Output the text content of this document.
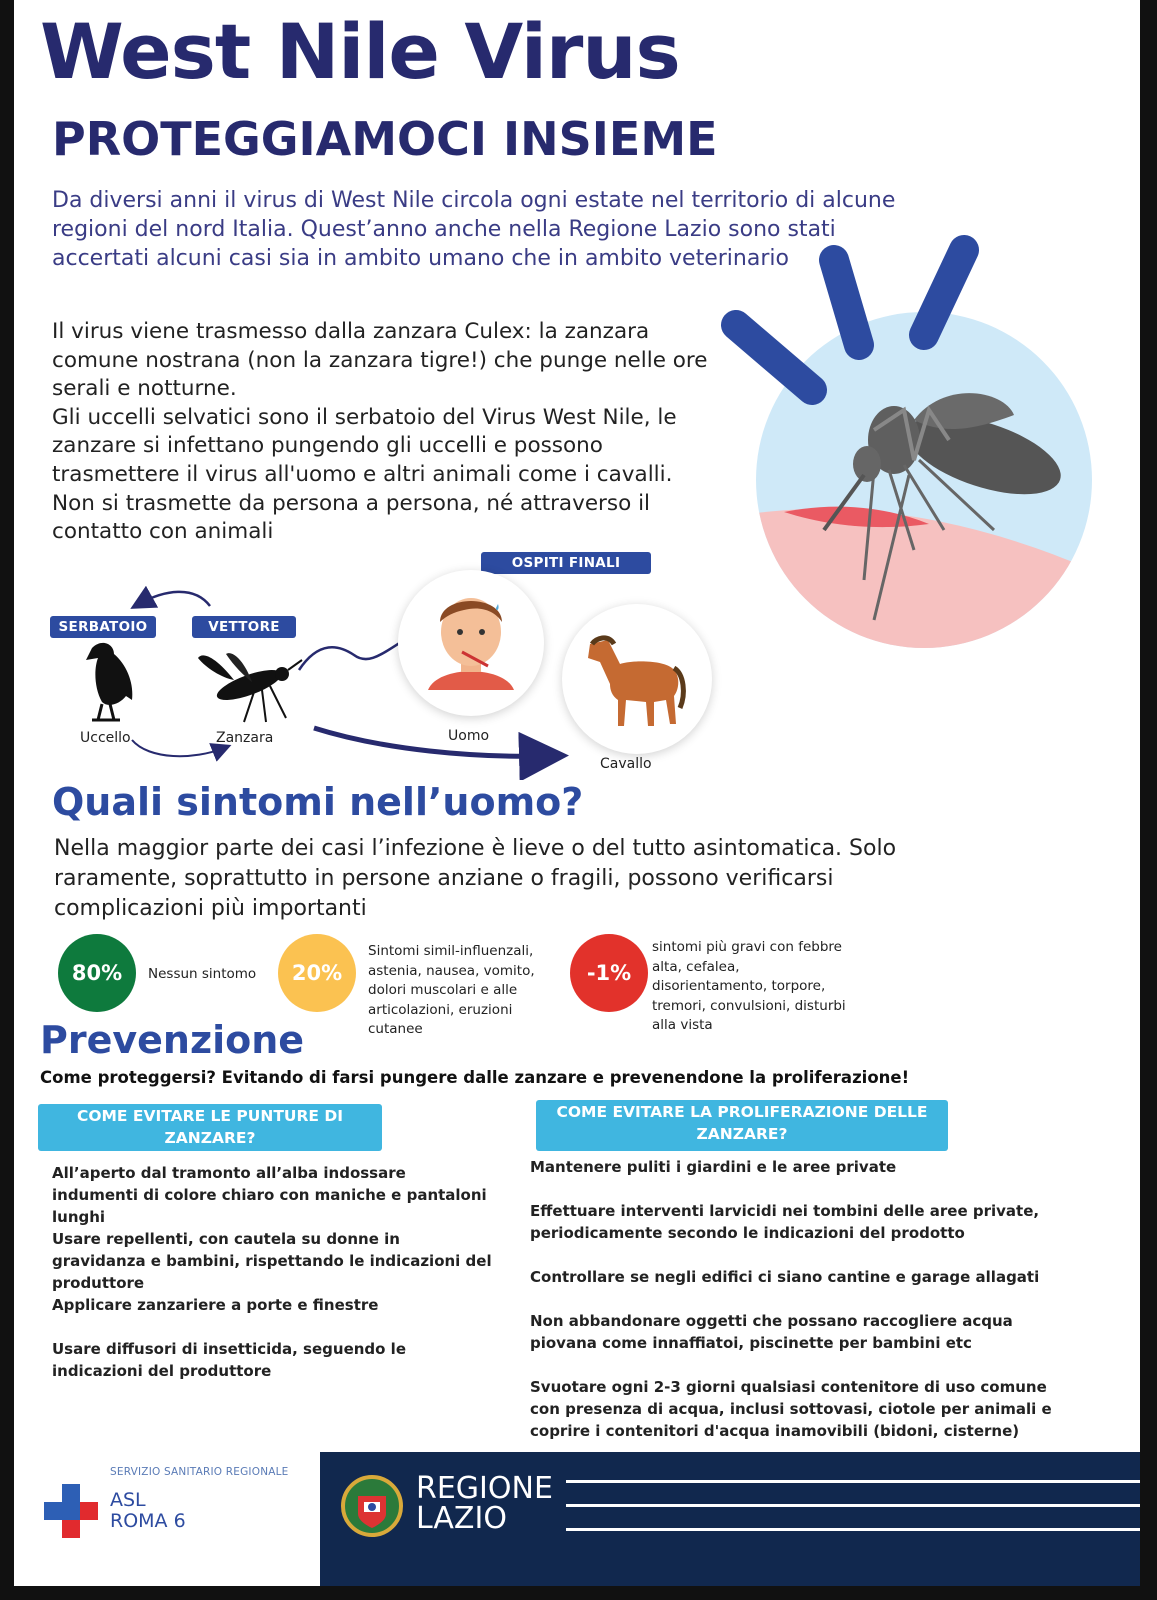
West Nile Virus
PROTEGGIAMOCI INSIEME
Da diversi anni il virus di West Nile circola ogni estate nel territorio di alcune regioni del nord Italia. Quest’anno anche nella Regione Lazio sono stati accertati alcuni casi sia in ambito umano che in ambito veterinario

Il virus viene trasmesso dalla zanzara Culex: la zanzara comune nostrana (non la zanzara tigre!) che punge nelle ore serali e notturne.

Gli uccelli selvatici sono il serbatoio del Virus West Nile, le zanzare si infettano pungendo gli uccelli e possono trasmettere il virus all'uomo e altri animali come i cavalli.

Non si trasmette da persona a persona, né attraverso il contatto con animali

OSPITI FINALI
SERBATOIO	VETTORE
Uccello	Zanzara	Uomo
Cavallo
Quali sintomi nell’uomo?
Nella maggior parte dei casi l’infezione è lieve o del tutto asintomatica. Solo raramente, soprattutto in persone anziane o fragili, possono verificarsi complicazioni più importanti
80%	Nessun sintomo	20%
Sintomi simil-influenzali, astenia, nausea, vomito, dolori muscolari e alle articolazioni, eruzioni cutanee
-1%
sintomi più gravi con febbre alta, cefalea, disorientamento, torpore, tremori, convulsioni, disturbi alla vista
Prevenzione
Come proteggersi? Evitando di farsi pungere dalle zanzare e prevenendone la proliferazione!
COME EVITARE LE PUNTURE DI ZANZARE?
COME EVITARE LA PROLIFERAZIONE DELLE ZANZARE?
All’aperto dal tramonto all’alba indossare indumenti di colore chiaro con maniche e pantaloni lunghi
Usare repellenti, con cautela su donne in gravidanza e bambini, rispettando le indicazioni del produttore
Applicare zanzariere a porte e finestre
Usare diffusori di insetticida, seguendo le indicazioni del produttore
Mantenere puliti i giardini e le aree private
Effettuare interventi larvicidi nei tombini delle aree private, periodicamente secondo le indicazioni del prodotto
Controllare se negli edifici ci siano cantine e garage allagati
Non abbandonare oggetti che possano raccogliere acqua piovana come innaffiatoi, piscinette per bambini etc
Svuotare ogni 2-3 giorni qualsiasi contenitore di uso comune con presenza di acqua, inclusi sottovasi, ciotole per animali e coprire i contenitori d'acqua inamovibili (bidoni, cisterne)
SERVIZIO SANITARIO REGIONALE
ASL
ROMA 6
REGIONE
LAZIO
